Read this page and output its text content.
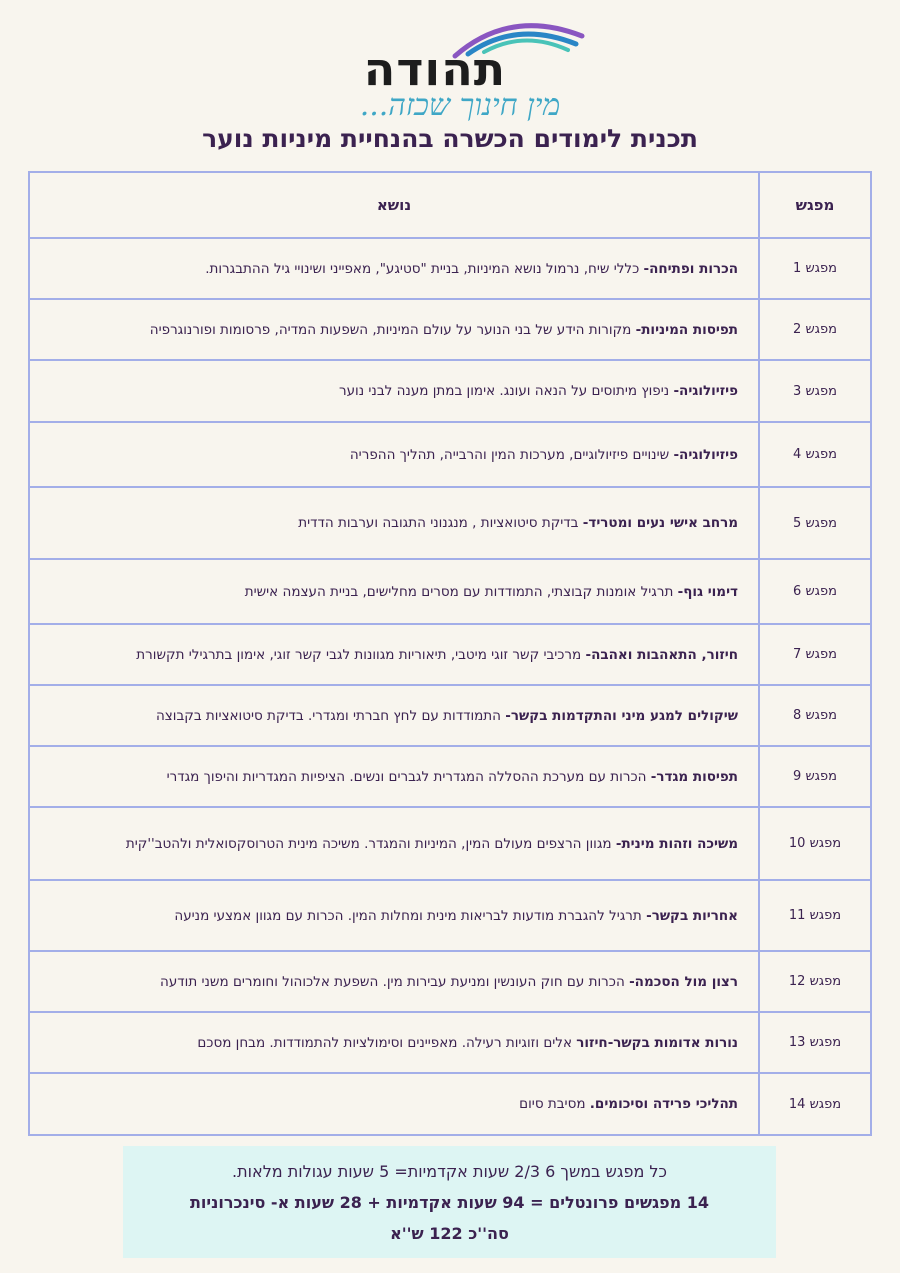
תהודה
מין חינוך שכזה...
תכנית לימודים הכשרה בהנחיית מיניות נוער
מפגש	נושא
מפגש 1	הכרות ופתיחה- כללי שיח, נרמול נושא המיניות, בניית "סטיגע", מאפייני ושינויי גיל ההתבגרות.
מפגש 2	תפיסות המיניות- מקורות הידע של בני הנוער על עולם המיניות, השפעות המדיה, פרסומות ופורנוגרפיה
מפגש 3	פיזיולוגיה- ניפוץ מיתוסים על הנאה ועונג. אימון במתן מענה לבני נוער
מפגש 4	פיזיולוגיה- שינויים פיזיולוגיים, מערכות המין והרבייה, תהליך ההפריה
מפגש 5	מרחב אישי נעים ומטריד- בדיקת סיטואציות , מנגנוני התגובה וערבות הדדית
מפגש 6	דימוי גוף- תרגיל אומנות קבוצתי, התמודדות עם מסרים מחלישים, בניית העצמה אישית
מפגש 7	חיזור, התאהבות ואהבה- מרכיבי קשר זוגי מיטבי, תיאוריות מגוונות לגבי קשר זוגי, אימון בתרגילי תקשורת
מפגש 8	שיקולים למגע מיני והתקדמות בקשר- התמודדות עם לחץ חברתי ומגדרי. בדיקת סיטואציות בקבוצה
מפגש 9	תפיסות מגדר- הכרות עם מערכת ההסללה המגדרית לגברים ונשים. הציפיות המגדריות והיפוך מגדרי
מפגש 10	משיכה וזהות מינית- מגוון הרצפים מעולם המין, המיניות והמגדר. משיכה מינית הטרוסקסואלית ולהטב''קית
מפגש 11	אחריות בקשר- תרגיל להגברת מודעות לבריאות מינית ומחלות המין. הכרות עם מגוון אמצעי מניעה
מפגש 12	רצון מול הסכמה- הכרות עם חוק העונשין ומניעת עבירות מין. השפעת אלכוהול וחומרים משני תודעה
מפגש 13	נורות אדומות בקשר-חיזור אלים וזוגיות רעילה. מאפיינים וסימולציות להתמודדות. מבחן מסכם
מפגש 14	תהליכי פרידה וסיכומים. מסיבת סיום

כל מפגש במשך 6 2/3 שעות אקדמיות= 5 שעות עגולות מלאות.

14 מפגשים פרונטלים = 94 שעות אקדמיות + 28 שעות א- סינכרוניות

סה''כ 122 ש''א
